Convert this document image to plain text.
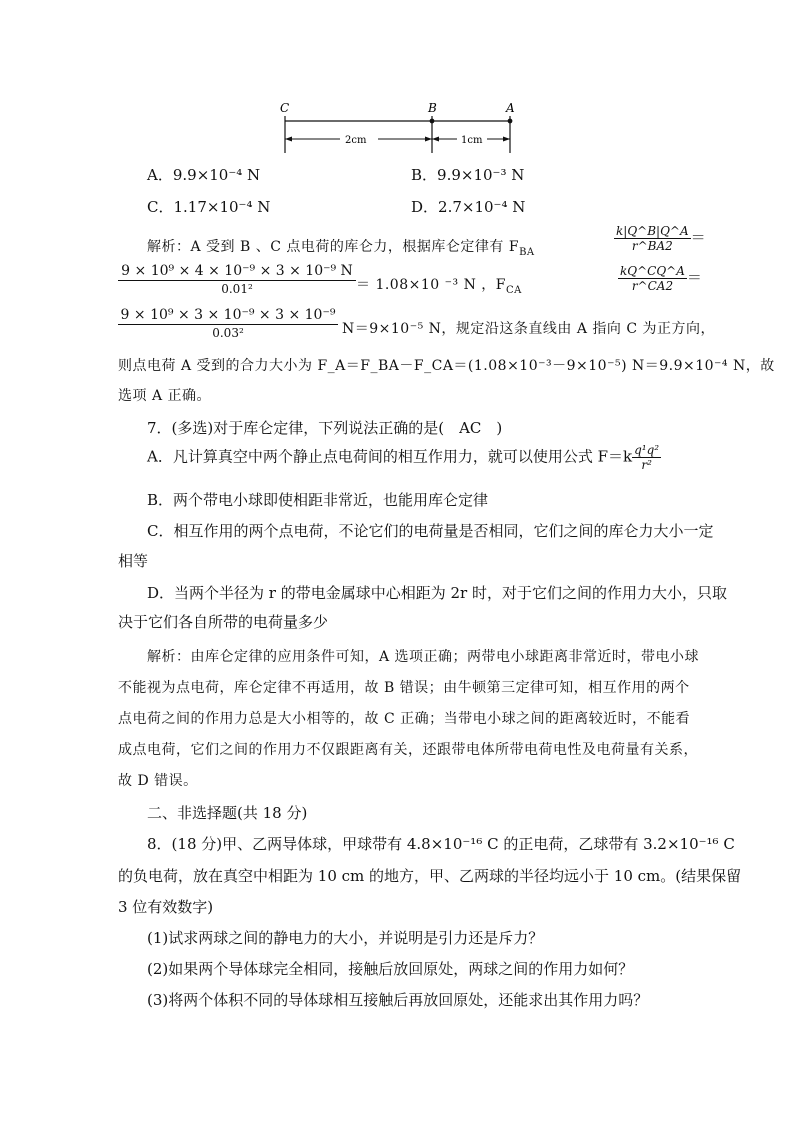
C	B	A
2cm	1cm
A．9.9×10⁻⁴ N	B．9.9×10⁻³ N
C．1.17×10⁻⁴ N	D．2.7×10⁻⁴ N
解析：A 受到 B 、C 点电荷的库仑力，根据库仑定律有 $F_{BA}$	$\frac{k|Q\^{}B|Q\^{}A}{r\^{}BA2}$ ＝
$\frac{\text{9 × 10⁹ × 4 × 10⁻⁹ × 3 × 10⁻⁹ N}}{\text{0.01²}} = 1.08\times 10$ ⁻³ N ，$F_{CA}$	$\frac{kQ\^{}CQ\^{}A}{r\^{}CA2}$ ＝
$\frac{\text{9 × 10⁹ × 3 × 10⁻⁹ × 3 × 10⁻⁹}}{\text{0.03²}} N=9\times 10^{-5}$ N，规定沿这条直线由 A 指向 C 为正方向，
则点电荷 A 受到的合力大小为 F_A＝F_BA－F_CA＝(1.08×10⁻³－9×10⁻⁵) N＝9.9×10⁻⁴ N，故
选项 A 正确。
7．(多选)对于库仑定律，下列说法正确的是(　AC　)
A．凡计算真空中两个静止点电荷间的相互作用力，就可以使用公式 $F=k \frac{\text{q¹q²}}{\text{r²}}$
B．两个带电小球即使相距非常近，也能用库仑定律
C．相互作用的两个点电荷，不论它们的电荷量是否相同，它们之间的库仑力大小一定
相等
D．当两个半径为 r 的带电金属球中心相距为 2r 时，对于它们之间的作用力大小，只取
决于它们各自所带的电荷量多少
解析：由库仑定律的应用条件可知，A 选项正确；两带电小球距离非常近时，带电小球
不能视为点电荷，库仑定律不再适用，故 B 错误；由牛顿第三定律可知，相互作用的两个
点电荷之间的作用力总是大小相等的，故 C 正确；当带电小球之间的距离较近时，不能看
成点电荷，它们之间的作用力不仅跟距离有关，还跟带电体所带电荷电性及电荷量有关系，
故 D 错误。
二、非选择题(共 18 分)
8．(18 分)甲、乙两导体球，甲球带有 4.8×10⁻¹⁶ C 的正电荷，乙球带有 3.2×10⁻¹⁶ C
的负电荷，放在真空中相距为 10 cm 的地方，甲、乙两球的半径均远小于 10 cm。(结果保留
3 位有效数字)
(1)试求两球之间的静电力的大小，并说明是引力还是斥力？
(2)如果两个导体球完全相同，接触后放回原处，两球之间的作用力如何？
(3)将两个体积不同的导体球相互接触后再放回原处，还能求出其作用力吗？
